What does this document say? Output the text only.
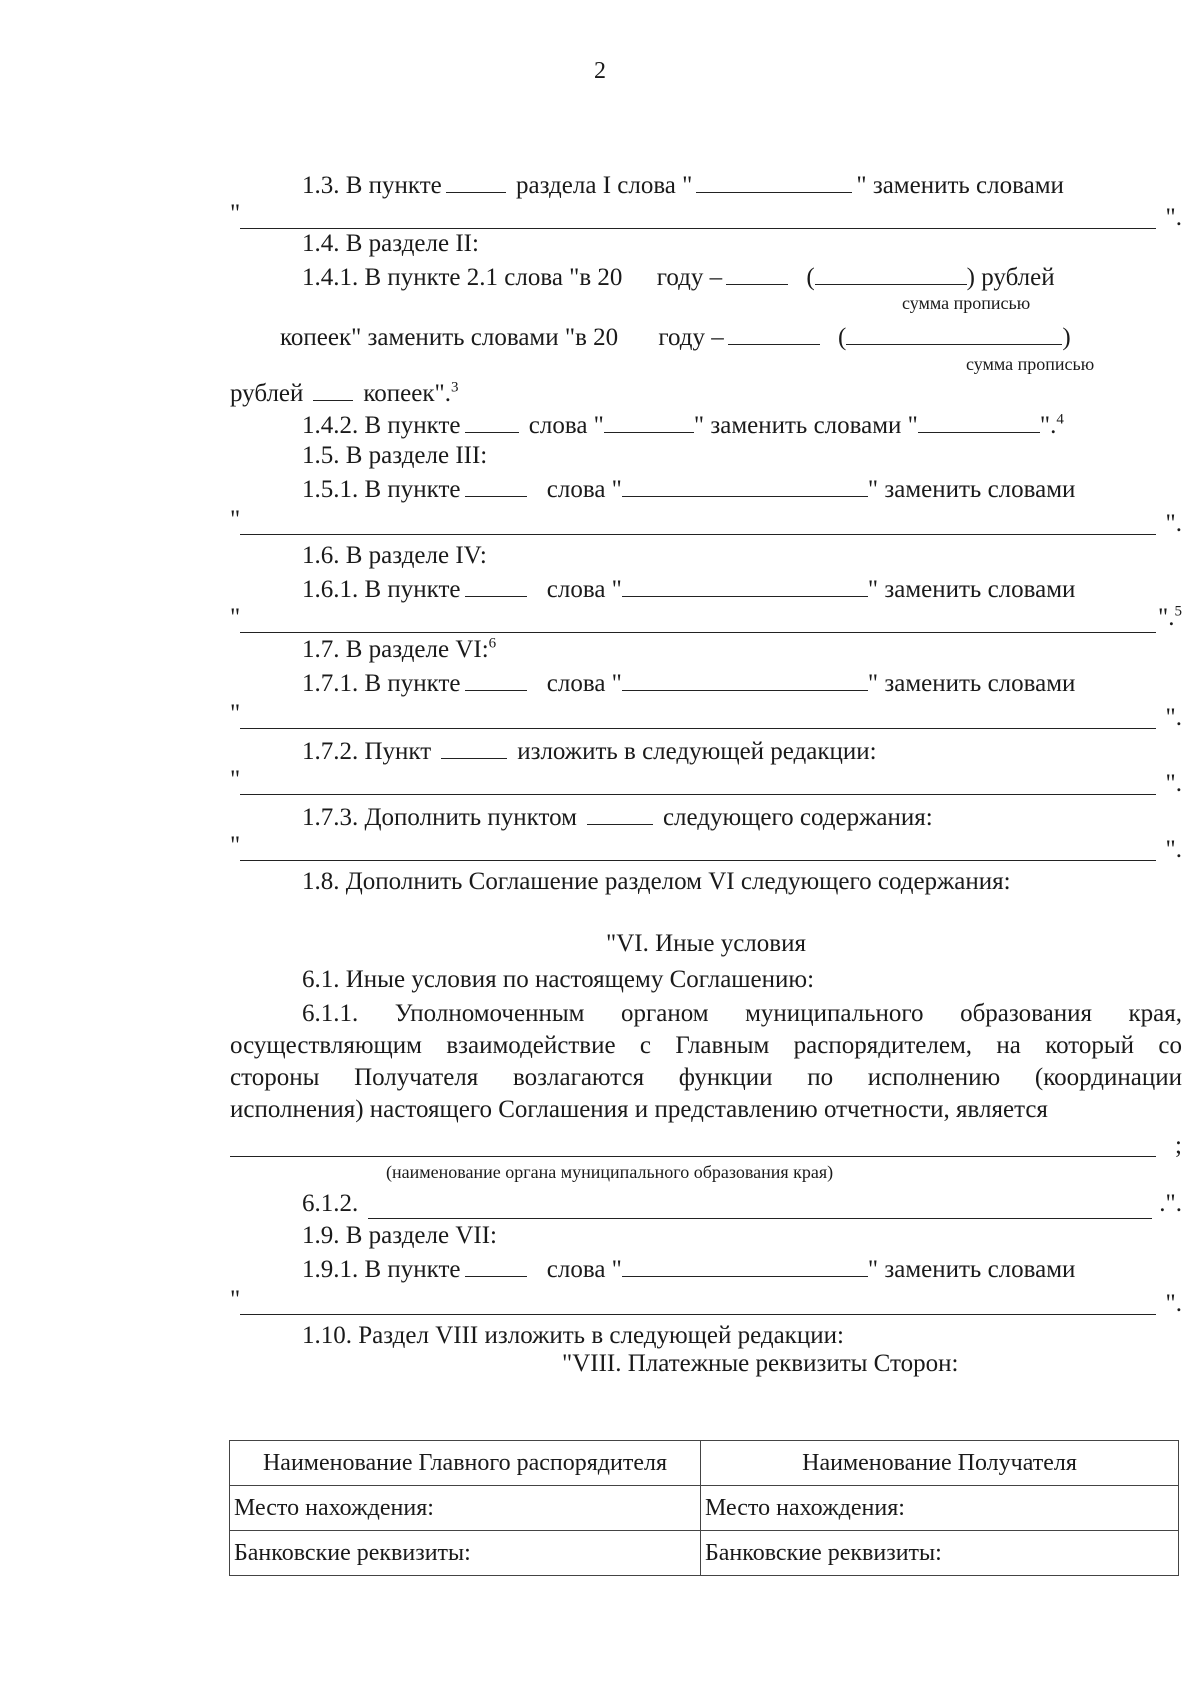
2
1.3. В пункте	раздела I слова "	" заменить словами
"	".
1.4. В разделе II:
1.4.1. В пункте 2.1 слова "в 20 году –	(	) рублей
сумма прописью
копеек" заменить словами "в 20 году –	(	)
сумма прописью
рублей копеек".$^3$
1.4.2. В пункте	слова "	" заменить словами "	".$^4$
1.5. В разделе III:
1.5.1. В пункте	слова "	" заменить словами
"	".
1.6. В разделе IV:
1.6.1. В пункте	слова "	" заменить словами
"	".$^5$
1.7. В разделе VI:$^6$
1.7.1. В пункте	слова "	" заменить словами
"	".
1.7.2. Пункт	изложить в следующей редакции:
"	".
1.7.3. Дополнить пунктом	следующего содержания:
"	".
1.8. Дополнить Соглашение разделом VI следующего содержания:
"VI. Иные условия
6.1. Иные условия по настоящему Соглашению:
6.1.1. Уполномоченным органом муниципального образования края,
осуществляющим взаимодействие с Главным распорядителем, на который со
стороны Получателя возлагаются функции по исполнению (координации
исполнения) настоящего Соглашения и представлению отчетности, является
;
(наименование органа муниципального образования края)
6.1.2.	.".
1.9. В разделе VII:
1.9.1. В пункте	слова "	" заменить словами
"	".
1.10. Раздел VIII изложить в следующей редакции:
"VIII. Платежные реквизиты Сторон:
Наименование Главного распорядителя	Наименование Получателя
Место нахождения:	Место нахождения:
Банковские реквизиты:	Банковские реквизиты:
